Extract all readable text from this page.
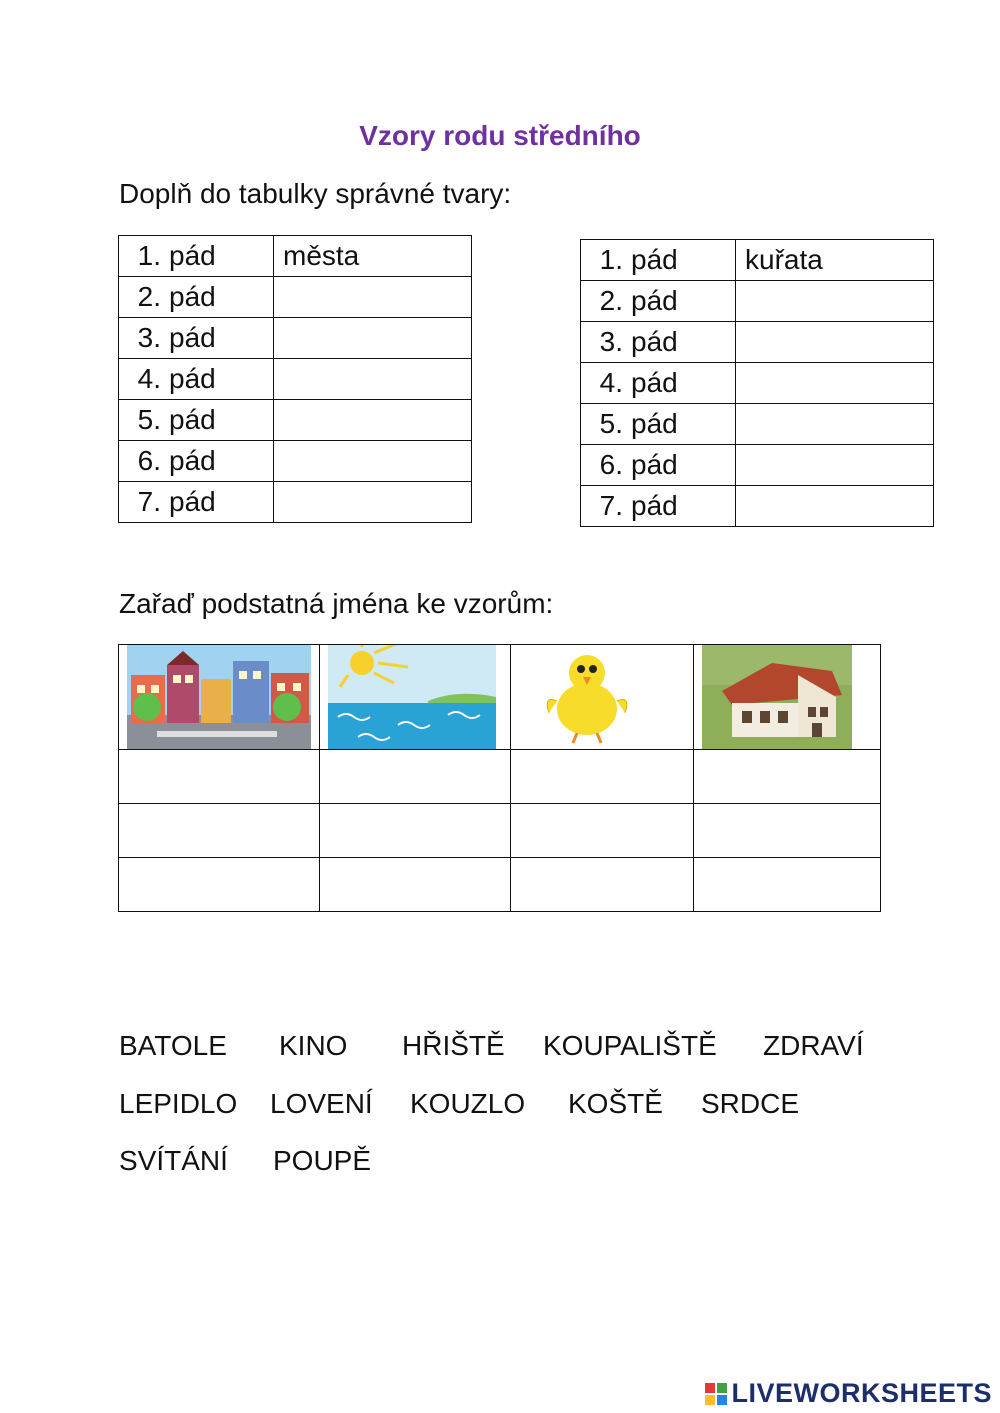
Vzory rodu středního
Doplň do tabulky správné tvary:
1. pád	města
2. pád	
3. pád	
4. pád	
5. pád	
6. pád	
7. pád	
1. pád	kuřata
2. pád	
3. pád	
4. pád	
5. pád	
6. pád	
7. pád	
Zařaď podstatná jména ke vzorům:

BATOLE KINO HŘIŠTĚ KOUPALIŠTĚ ZDRAVÍ
LEPIDLO LOVENÍ KOUZLO KOŠTĚ SRDCE
SVÍTÁNÍ POUPĚ
LIVEWORKSHEETS
